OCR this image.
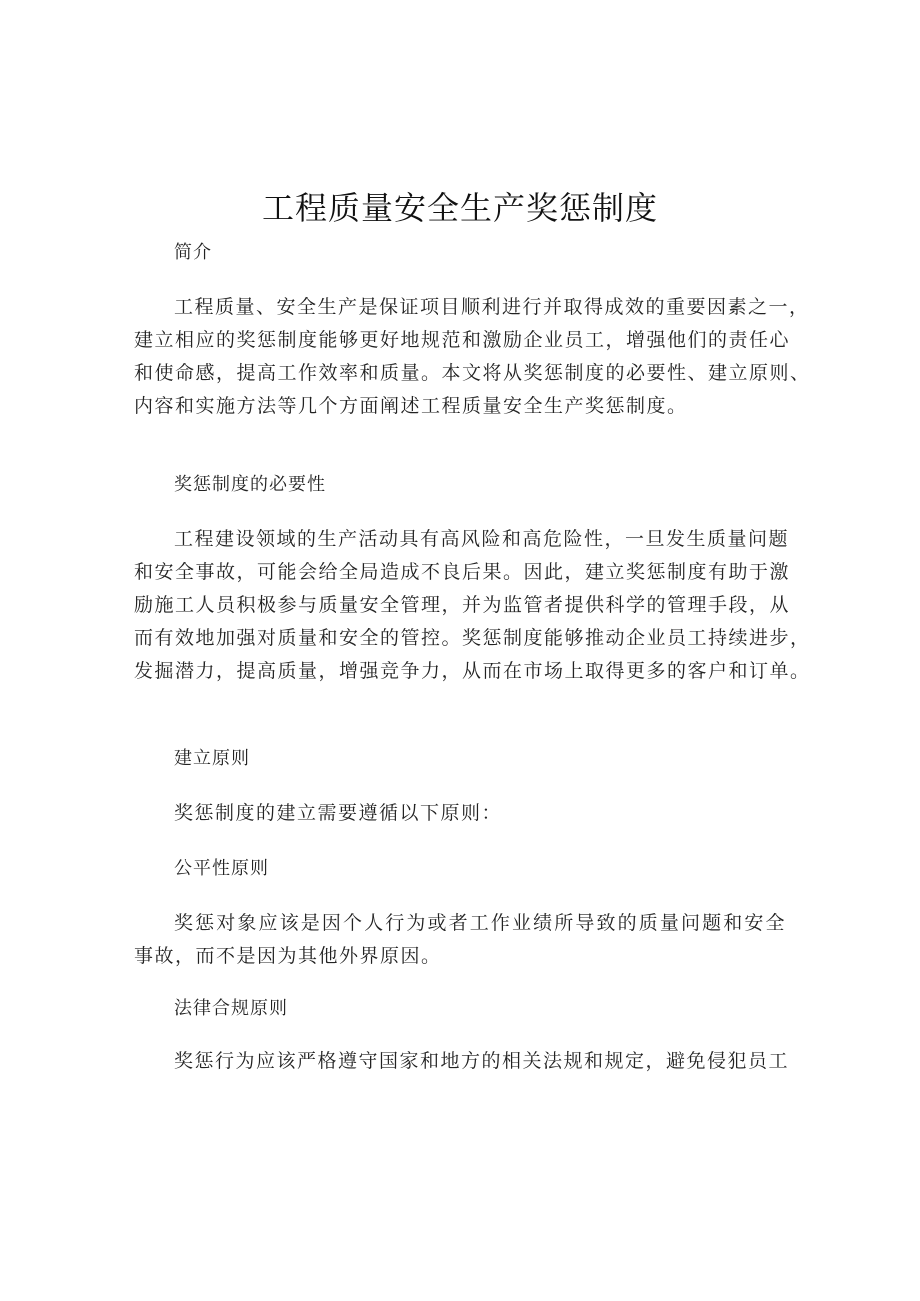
工程质量安全生产奖惩制度

简介

工程质量、安全生产是保证项目顺利进行并取得成效的重要因素之一，
建立相应的奖惩制度能够更好地规范和激励企业员工，增强他们的责任心
和使命感，提高工作效率和质量。本文将从奖惩制度的必要性、建立原则、
内容和实施方法等几个方面阐述工程质量安全生产奖惩制度。

奖惩制度的必要性

工程建设领域的生产活动具有高风险和高危险性，一旦发生质量问题
和安全事故，可能会给全局造成不良后果。因此，建立奖惩制度有助于激
励施工人员积极参与质量安全管理，并为监管者提供科学的管理手段，从
而有效地加强对质量和安全的管控。奖惩制度能够推动企业员工持续进步，
发掘潜力，提高质量，增强竞争力，从而在市场上取得更多的客户和订单。

建立原则

奖惩制度的建立需要遵循以下原则：

公平性原则

奖惩对象应该是因个人行为或者工作业绩所导致的质量问题和安全
事故，而不是因为其他外界原因。

法律合规原则

奖惩行为应该严格遵守国家和地方的相关法规和规定，避免侵犯员工
